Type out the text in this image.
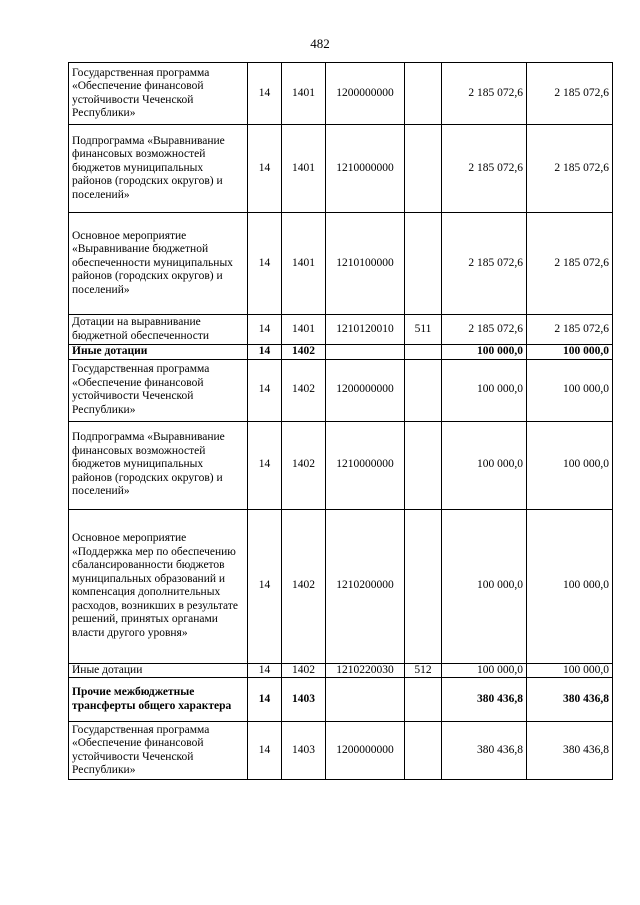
482
Государственная программа «Обеспечение финансовой устойчивости Чеченской Республики»	14	1401	1200000000		2 185 072,6	2 185 072,6
Подпрограмма «Выравнивание финансовых возможностей бюджетов муниципальных районов (городских округов) и поселений»	14	1401	1210000000		2 185 072,6	2 185 072,6
Основное мероприятие «Выравнивание бюджетной обеспеченности муниципальных районов (городских округов) и поселений»	14	1401	1210100000		2 185 072,6	2 185 072,6
Дотации на выравнивание бюджетной обеспеченности	14	1401	1210120010	511	2 185 072,6	2 185 072,6
Иные дотации	14	1402			100 000,0	100 000,0
Государственная программа «Обеспечение финансовой устойчивости Чеченской Республики»	14	1402	1200000000		100 000,0	100 000,0
Подпрограмма «Выравнивание финансовых возможностей бюджетов муниципальных районов (городских округов) и поселений»	14	1402	1210000000		100 000,0	100 000,0
Основное мероприятие «Поддержка мер по обеспечению сбалансированности бюджетов муниципальных образований и компенсация дополнительных расходов, возникших в результате решений, принятых органами власти другого уровня»	14	1402	1210200000		100 000,0	100 000,0
Иные дотации	14	1402	1210220030	512	100 000,0	100 000,0
Прочие межбюджетные трансферты общего характера	14	1403			380 436,8	380 436,8
Государственная программа «Обеспечение финансовой устойчивости Чеченской Республики»	14	1403	1200000000		380 436,8	380 436,8
